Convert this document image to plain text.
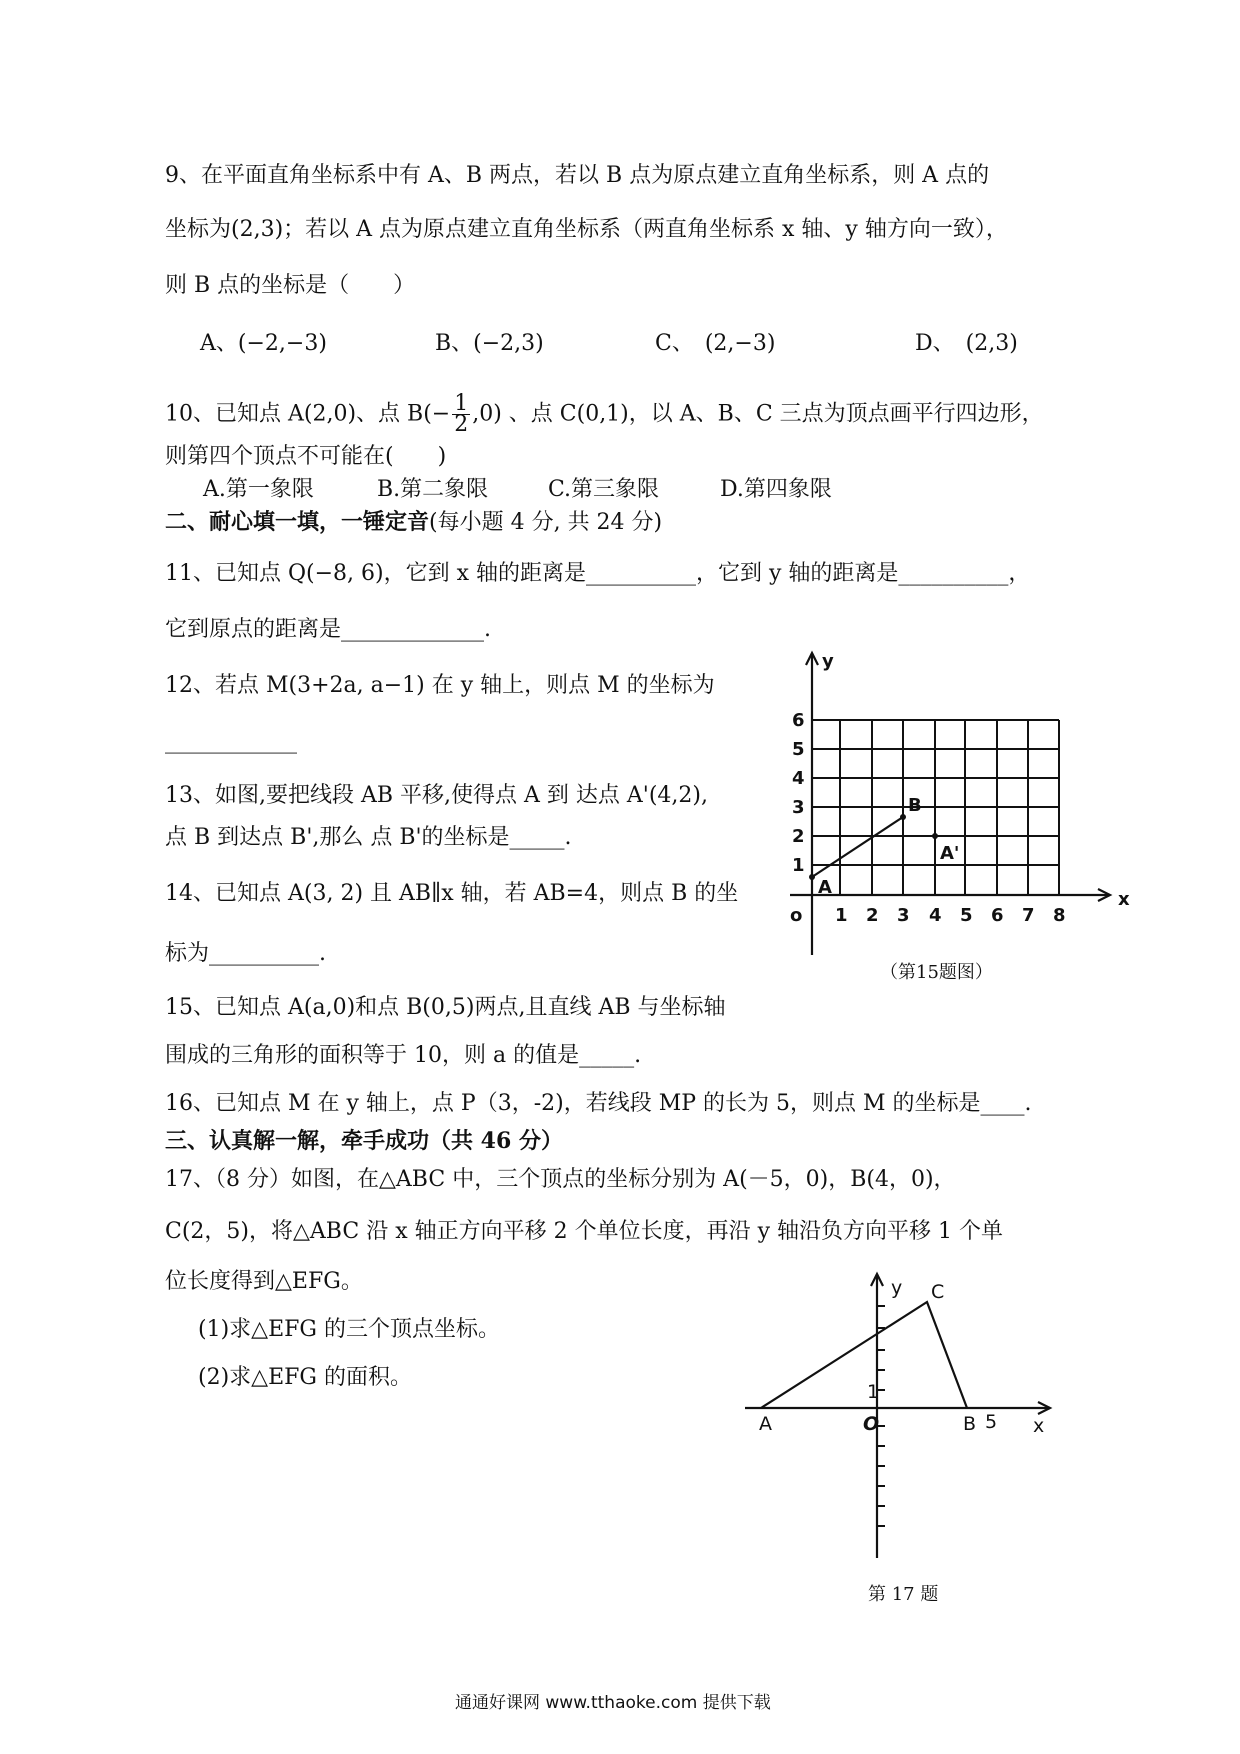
9、在平面直角坐标系中有 A、B 两点，若以 B 点为原点建立直角坐标系，则 A 点的
坐标为(2,3)；若以 A 点为原点建立直角坐标系（两直角坐标系 x 轴、y 轴方向一致），
则 B 点的坐标是（　　）
A、(−2,−3)	B、(−2,3)	C、　(2,−3)	D、　(2,3)
10、已知点 A(2,0)、点 $B(- \frac{1}{2} ,0)$ 、点 C(0,1)，以 A、B、C 三点为顶点画平行四边形，
则第四个顶点不可能在(　　)
A.第一象限	B.第二象限	C.第三象限	D.第四象限
二、耐心填一填，一锤定音(每小题 4 分, 共 24 分)
11、已知点 Q(−8, 6)，它到 x 轴的距离是__________，它到 y 轴的距离是__________，
它到原点的距离是_____________.
12、若点 M(3+2a, a−1) 在 y 轴上，则点 M 的坐标为
____________
13、如图,要把线段 AB 平移,使得点 A 到 达点 A'(4,2),
点 B 到达点 B',那么 点 B'的坐标是_____.
14、已知点 A(3, 2) 且 AB∥x 轴，若 AB=4，则点 B 的坐
标为__________.
15、已知点 A(a,0)和点 B(0,5)两点,且直线 AB 与坐标轴
围成的三角形的面积等于 10，则 a 的值是_____.
16、已知点 M 在 y 轴上，点 P（3，-2)，若线段 MP 的长为 5，则点 M 的坐标是____.
三、认真解一解，牵手成功（共 46 分）
17、（8 分）如图，在△ABC 中，三个顶点的坐标分别为 A(－5，0)，B(4，0)，
C(2，5)，将△ABC 沿 x 轴正方向平移 2 个单位长度，再沿 y 轴沿负方向平移 1 个单
位长度得到△EFG。
(1)求△EFG 的三个顶点坐标。
(2)求△EFG 的面积。
y
x
o
A
B
A'
1 2 3 4 5 6 7 8
1
2
3
4
5
6
（第15题图）
A	B
C
5
1
O	x
y
第 17 题
通通好课网 www.tthaoke.com 提供下载
